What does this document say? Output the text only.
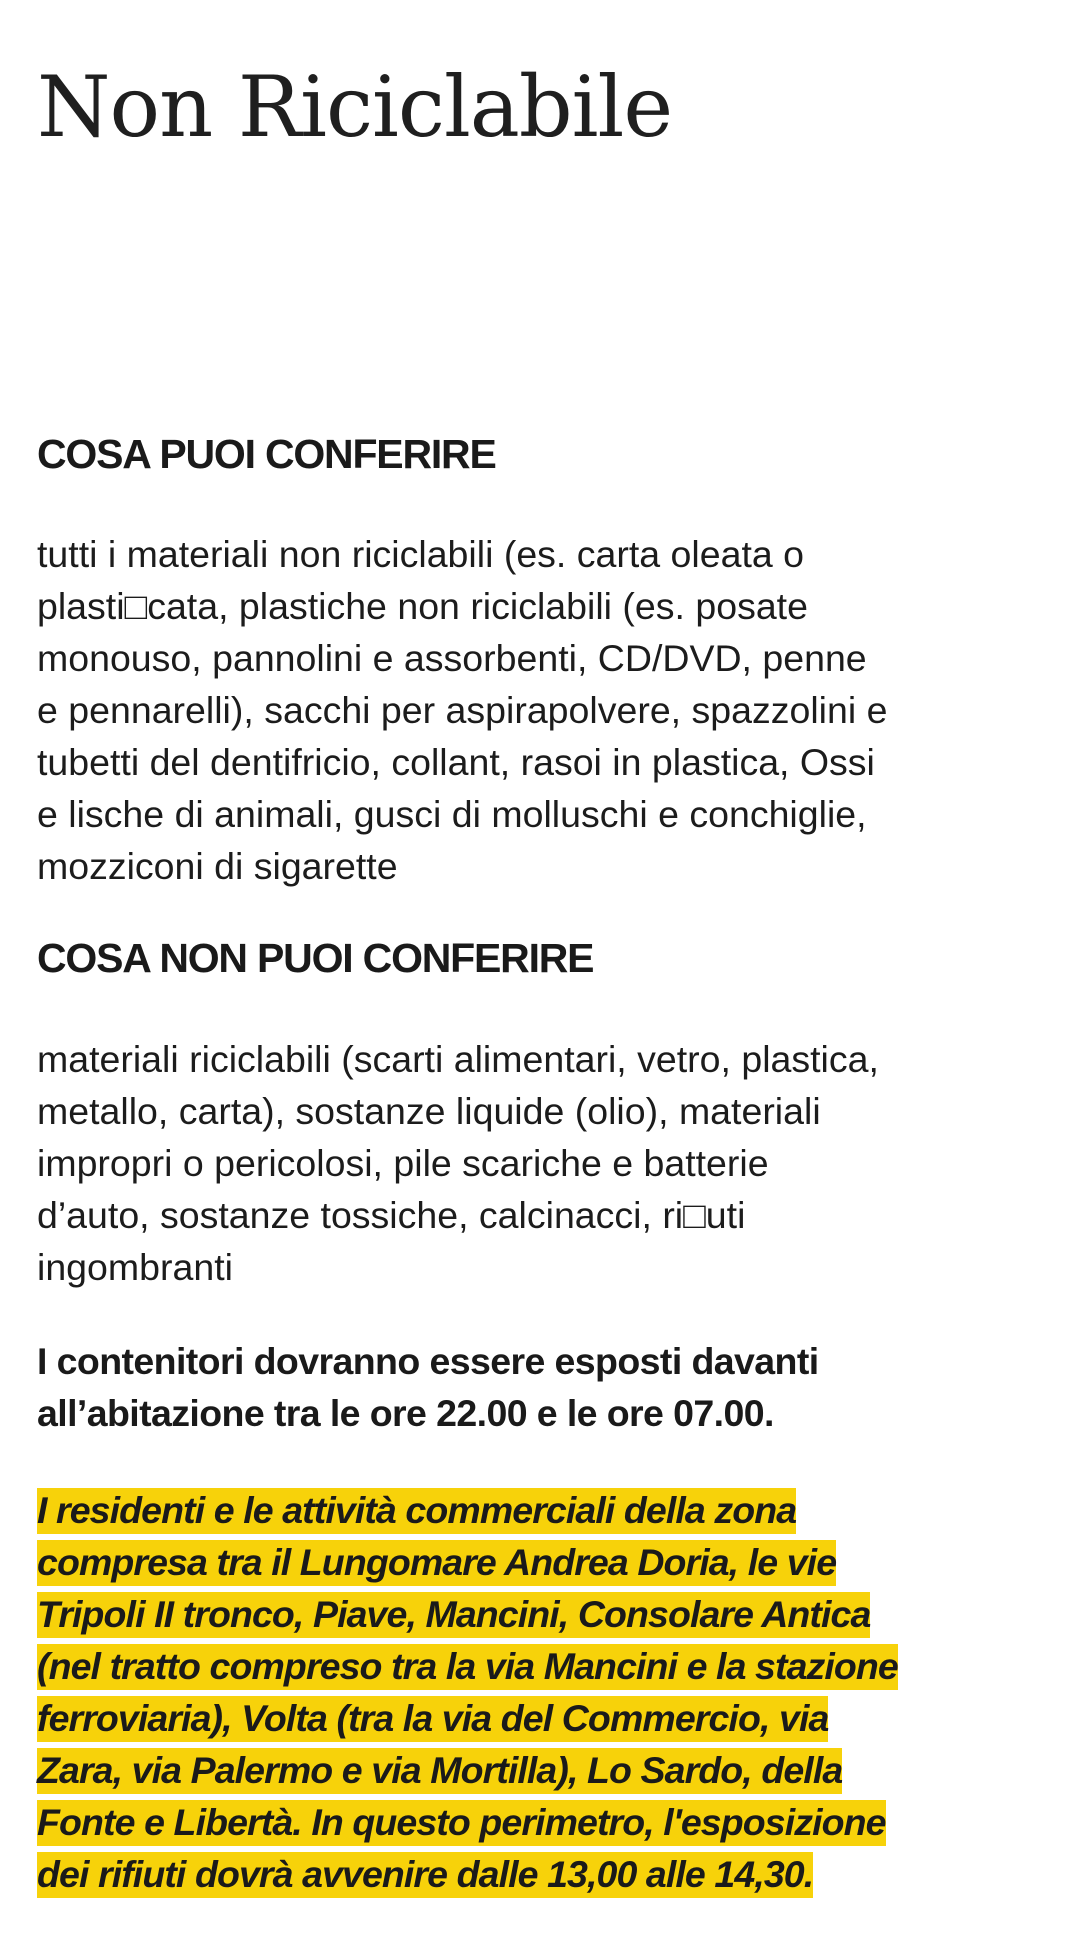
Non Riciclabile
COSA PUOI CONFERIRE

tutti i materiali non riciclabili (es. carta oleata o
plasti□cata, plastiche non riciclabili (es. posate
monouso, pannolini e assorbenti, CD/DVD, penne
e pennarelli), sacchi per aspirapolvere, spazzolini e
tubetti del dentifricio, collant, rasoi in plastica, Ossi
e lische di animali, gusci di molluschi e conchiglie,
mozziconi di sigarette

COSA NON PUOI CONFERIRE

materiali riciclabili (scarti alimentari, vetro, plastica,
metallo, carta), sostanze liquide (olio), materiali
impropri o pericolosi, pile scariche e batterie
d’auto, sostanze tossiche, calcinacci, ri□uti
ingombranti

I contenitori dovranno essere esposti davanti
all’abitazione tra le ore 22.00 e le ore 07.00.

I residenti e le attività commerciali della zona
compresa tra il Lungomare Andrea Doria, le vie
Tripoli II tronco, Piave, Mancini, Consolare Antica
(nel tratto compreso tra la via Mancini e la stazione
ferroviaria), Volta (tra la via del Commercio, via
Zara, via Palermo e via Mortilla), Lo Sardo, della
Fonte e Libertà. In questo perimetro, l'esposizione
dei rifiuti dovrà avvenire dalle 13,00 alle 14,30.
